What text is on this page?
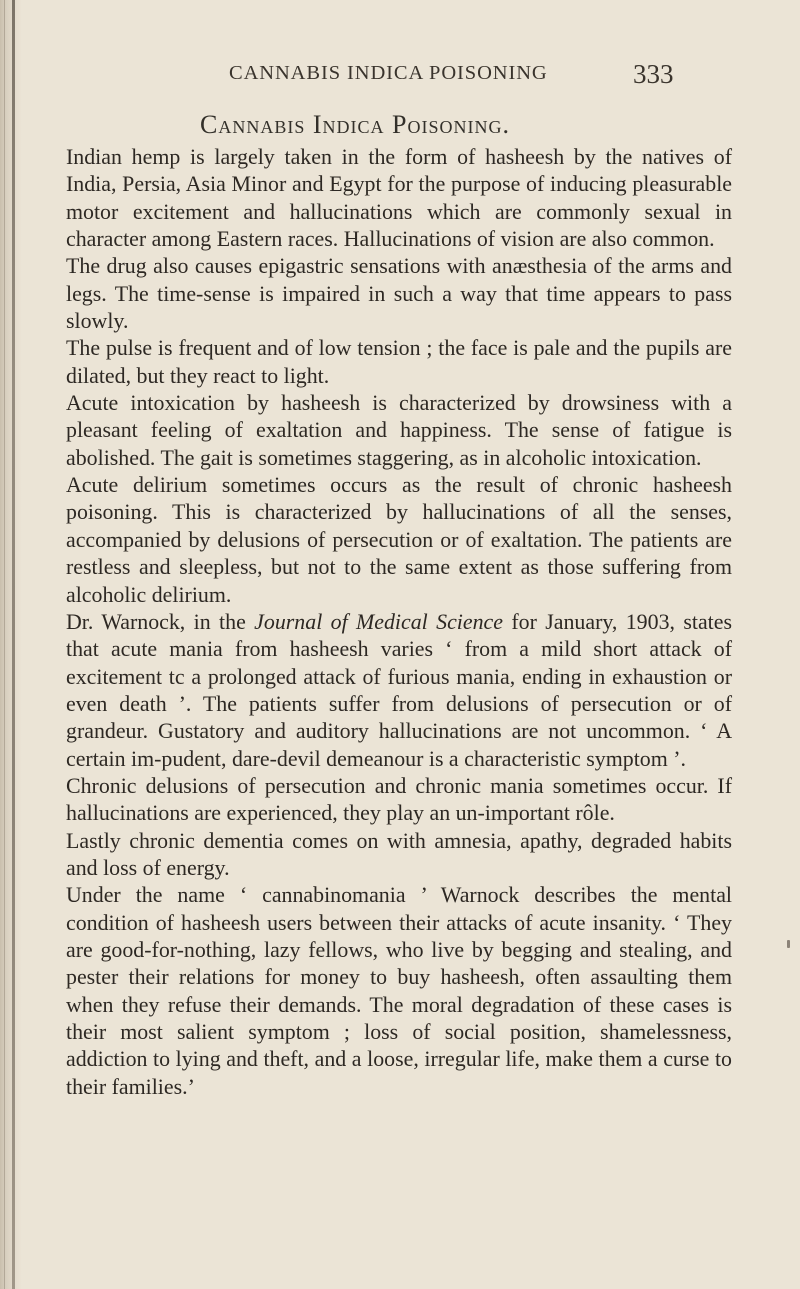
CANNABIS INDICA POISONING	333
Cannabis Indica Poisoning.

Indian hemp is largely taken in the form of hasheesh by the natives of India, Persia, Asia Minor and Egypt for the purpose of inducing pleasurable motor excitement and hallucinations which are commonly sexual in character among Eastern races. Hallucinations of vision are also common.

The drug also causes epigastric sensations with anæsthesia of the arms and legs. The time-sense is impaired in such a way that time appears to pass slowly.

The pulse is frequent and of low tension ; the face is pale and the pupils are dilated, but they react to light.

Acute intoxication by hasheesh is characterized by drowsiness with a pleasant feeling of exaltation and happiness. The sense of fatigue is abolished. The gait is sometimes staggering, as in alcoholic intoxication.

Acute delirium sometimes occurs as the result of chronic hasheesh poisoning. This is characterized by hallucinations of all the senses, accompanied by delusions of persecution or of exaltation. The patients are restless and sleepless, but not to the same extent as those suffering from alcoholic delirium.

Dr. Warnock, in the Journal of Medical Science for January, 1903, states that acute mania from hasheesh varies ‘ from a mild short attack of excitement tc a prolonged attack of furious mania, ending in exhaustion or even death ’. The patients suffer from delusions of persecution or of grandeur. Gustatory and auditory hallucinations are not uncommon. ‘ A certain im-pudent, dare-devil demeanour is a characteristic symptom ’.

Chronic delusions of persecution and chronic mania sometimes occur. If hallucinations are experienced, they play an un-important rôle.

Lastly chronic dementia comes on with amnesia, apathy, degraded habits and loss of energy.

Under the name ‘ cannabinomania ’ Warnock describes the mental condition of hasheesh users between their attacks of acute insanity. ‘ They are good-for-nothing, lazy fellows, who live by begging and stealing, and pester their relations for money to buy hasheesh, often assaulting them when they refuse their demands. The moral degradation of these cases is their most salient symptom ; loss of social position, shamelessness, addiction to lying and theft, and a loose, irregular life, make them a curse to their families.’
